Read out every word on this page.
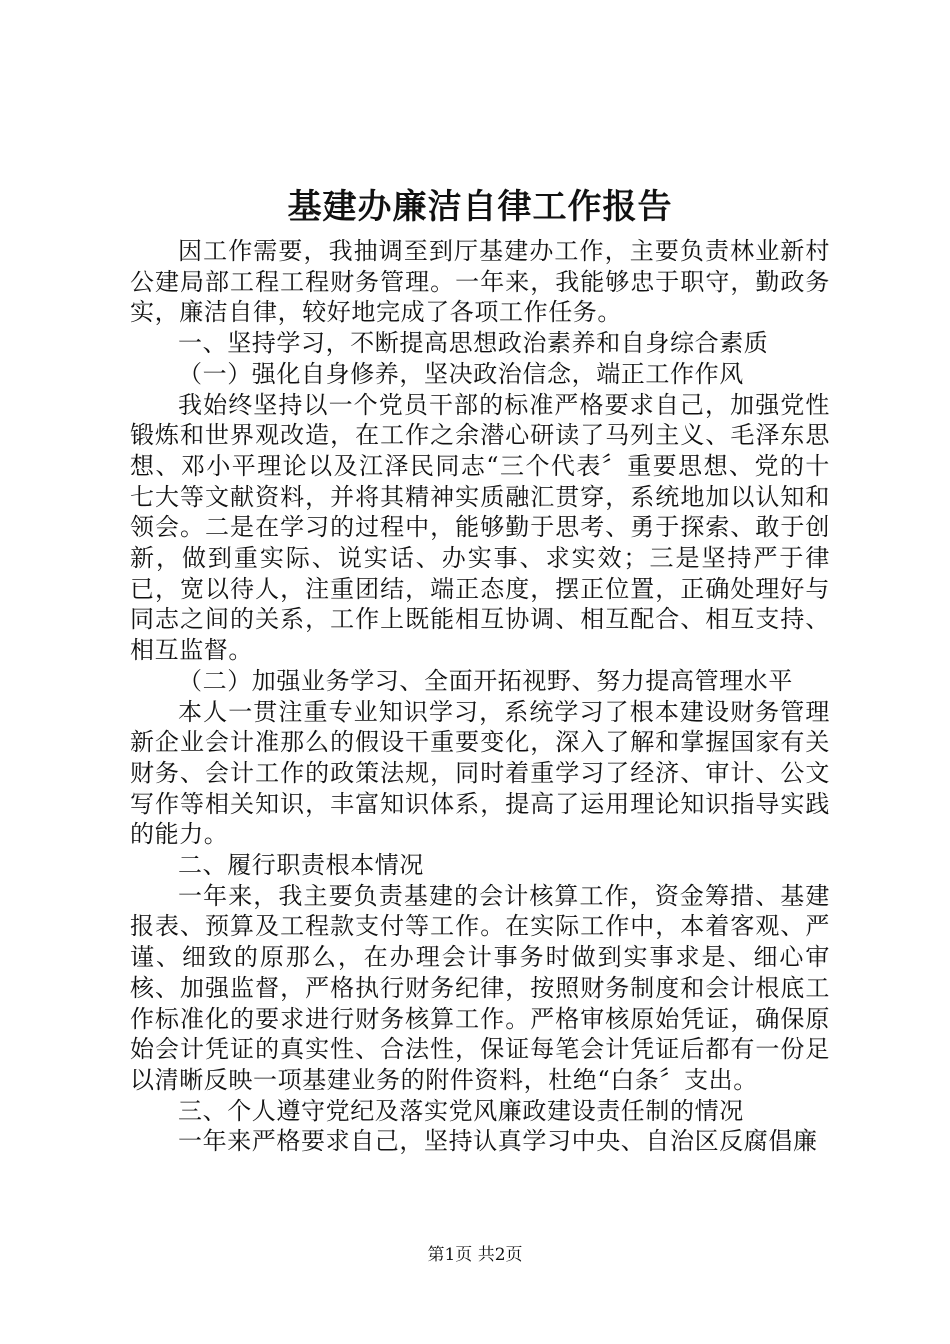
基建办廉洁自律工作报告

因工作需要，我抽调至到厅基建办工作，主要负责林业新村公建局部工程工程财务管理。一年来，我能够忠于职守，勤政务实，廉洁自律，较好地完成了各项工作任务。

一、坚持学习，不断提高思想政治素养和自身综合素质

（一）强化自身修养，坚决政治信念，端正工作作风

我始终坚持以一个党员干部的标准严格要求自己，加强党性锻炼和世界观改造，在工作之余潜心研读了马列主义、毛泽东思想、邓小平理论以及江泽民同志“三个代表〞重要思想、党的十七大等文献资料，并将其精神实质融汇贯穿，系统地加以认知和领会。二是在学习的过程中，能够勤于思考、勇于探索、敢于创新，做到重实际、说实话、办实事、求实效；三是坚持严于律已，宽以待人，注重团结，端正态度，摆正位置，正确处理好与同志之间的关系，工作上既能相互协调、相互配合、相互支持、相互监督。

（二）加强业务学习、全面开拓视野、努力提高管理水平

本人一贯注重专业知识学习，系统学习了根本建设财务管理新企业会计准那么的假设干重要变化，深入了解和掌握国家有关财务、会计工作的政策法规，同时着重学习了经济、审计、公文写作等相关知识，丰富知识体系，提高了运用理论知识指导实践的能力。

二、履行职责根本情况

一年来，我主要负责基建的会计核算工作，资金筹措、基建报表、预算及工程款支付等工作。在实际工作中，本着客观、严谨、细致的原那么，在办理会计事务时做到实事求是、细心审核、加强监督，严格执行财务纪律，按照财务制度和会计根底工作标准化的要求进行财务核算工作。严格审核原始凭证，确保原始会计凭证的真实性、合法性，保证每笔会计凭证后都有一份足以清晰反映一项基建业务的附件资料，杜绝“白条〞支出。

三、个人遵守党纪及落实党风廉政建设责任制的情况

一年来严格要求自己，坚持认真学习中央、自治区反腐倡廉

第1页 共2页
